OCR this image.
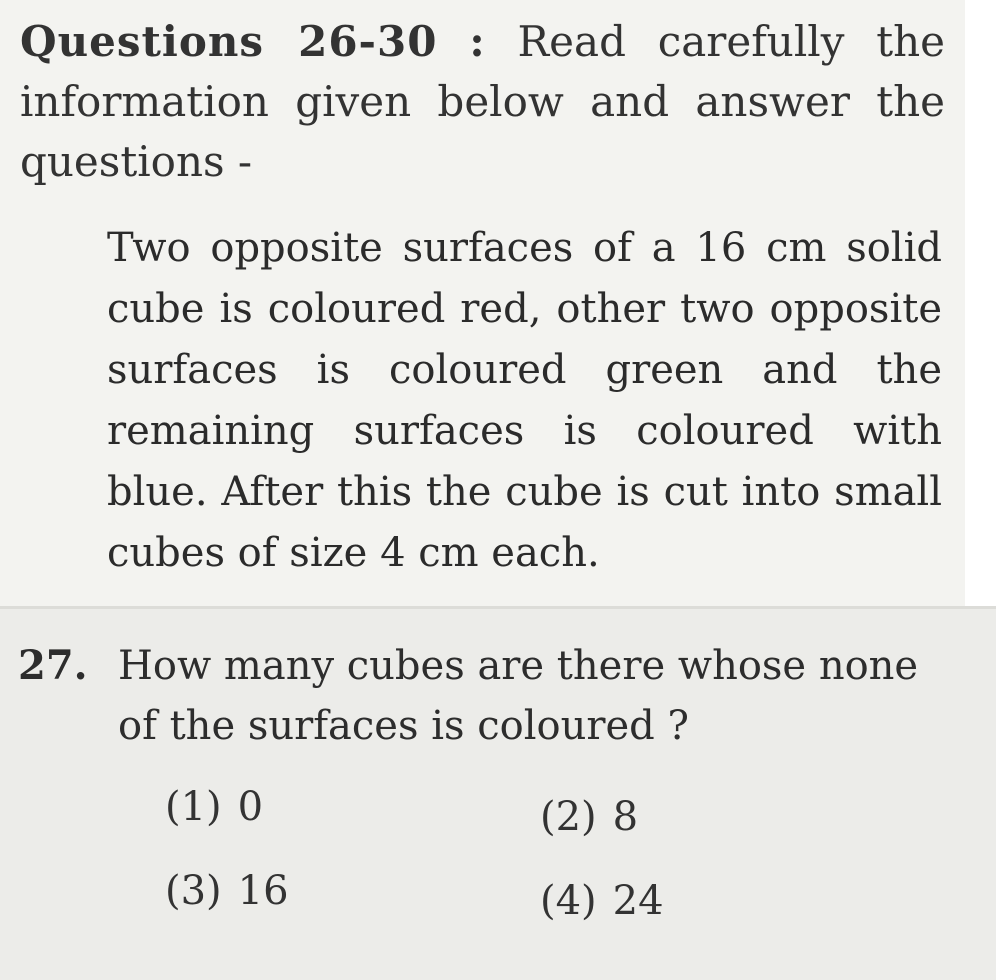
Questions 26-30 : Read carefully the information given below and answer the questions -
Two opposite surfaces of a 16 cm solid cube is coloured red, other two opposite surfaces is coloured green and the remaining surfaces is coloured with blue. After this the cube is cut into small cubes of size 4 cm each.
27. How many cubes are there whose none of the surfaces is coloured ?
(1) 0	(2) 8
(3) 16	(4) 24
